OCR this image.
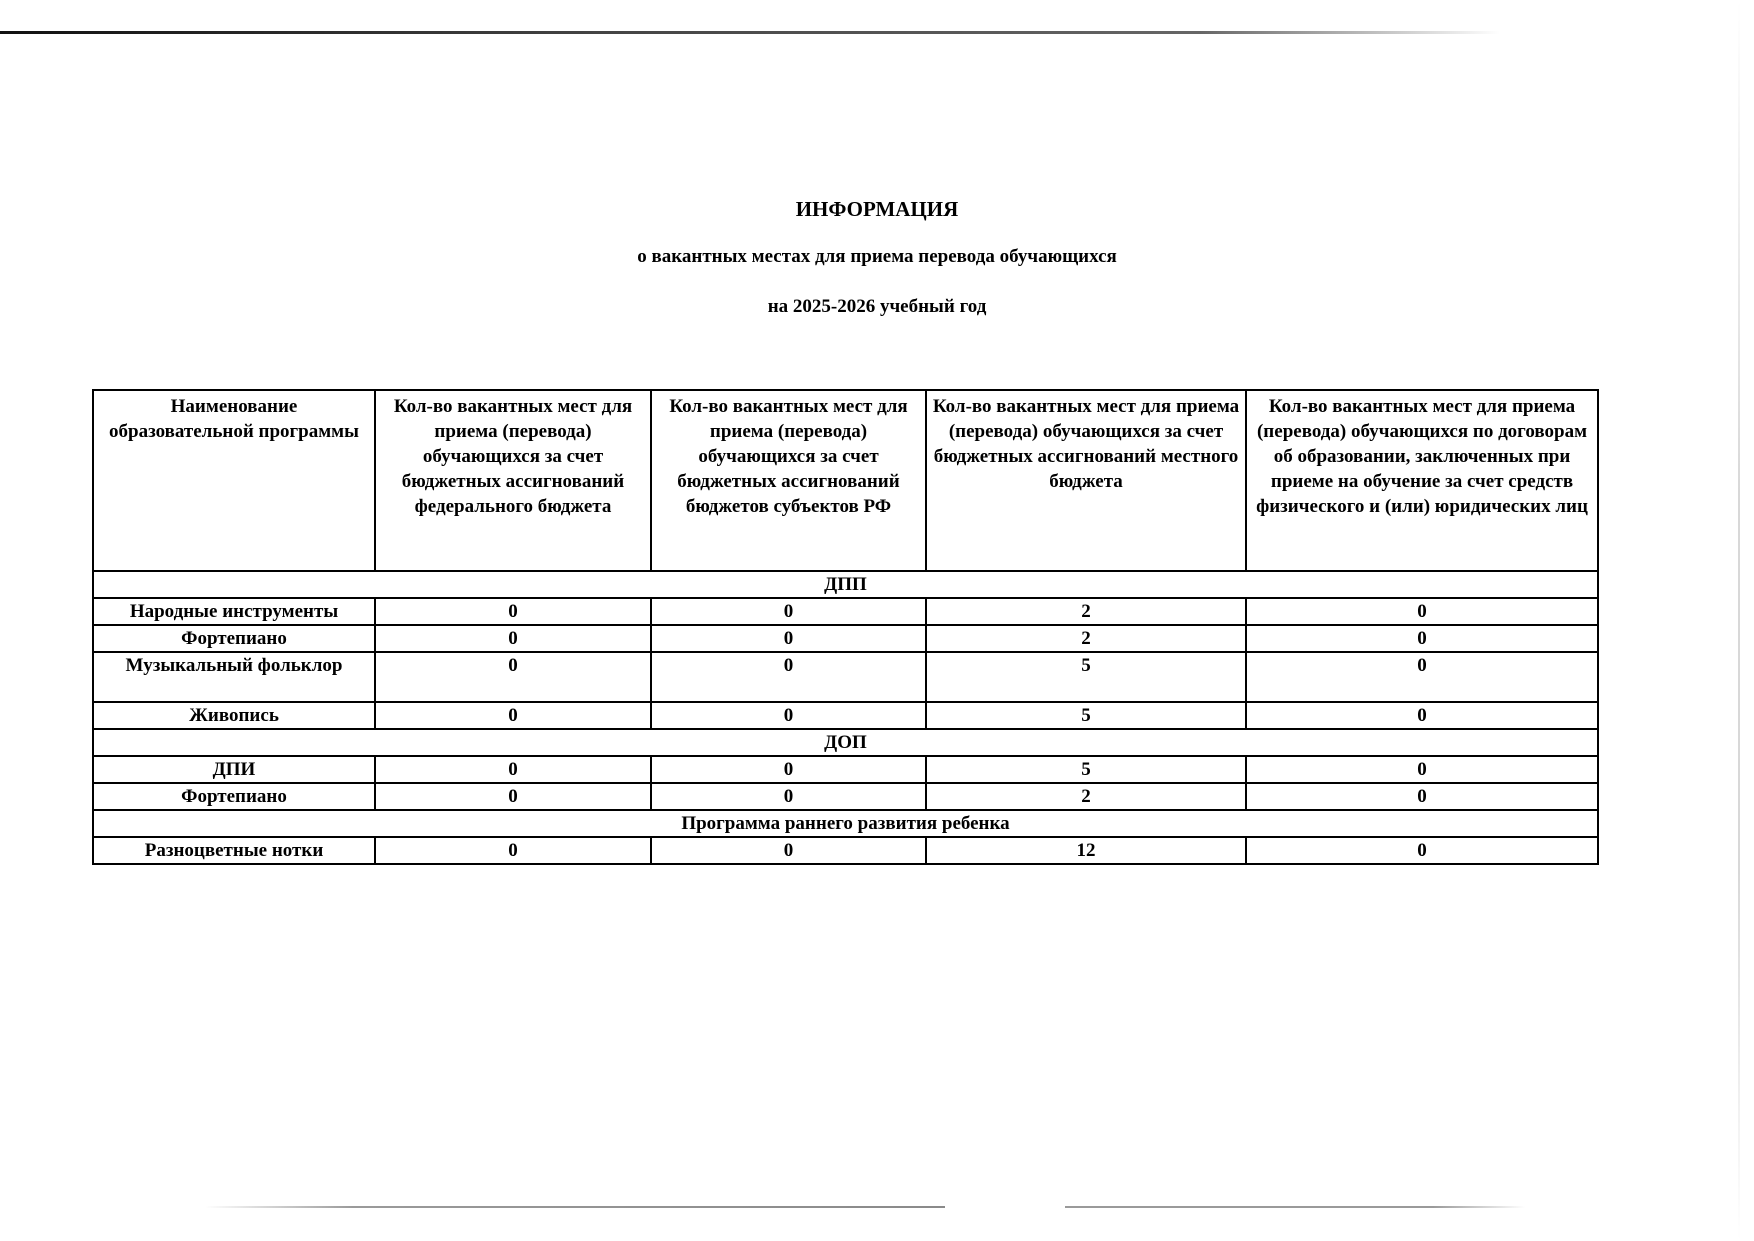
ИНФОРМАЦИЯ
о вакантных местах для приема перевода обучающихся
на 2025-2026 учебный год
Наименование образовательной программы	Кол-во вакантных мест для приема (перевода) обучающихся за счет бюджетных ассигнований федерального бюджета	Кол-во вакантных мест для приема (перевода) обучающихся за счет бюджетных ассигнований бюджетов субъектов РФ	Кол-во вакантных мест для приема (перевода) обучающихся за счет бюджетных ассигнований местного бюджета	Кол-во вакантных мест для приема (перевода) обучающихся по договорам об образовании, заключенных при приеме на обучение за счет средств физического и (или) юридических лиц
ДПП				
Народные инструменты	0	0	2	0
Фортепиано	0	0	2	0
Музыкальный фольклор	0	0	5	0
Живопись	0	0	5	0
ДОП				
ДПИ	0	0	5	0
Фортепиано	0	0	2	0
Программа раннего развития ребенка				
Разноцветные нотки	0	0	12	0
